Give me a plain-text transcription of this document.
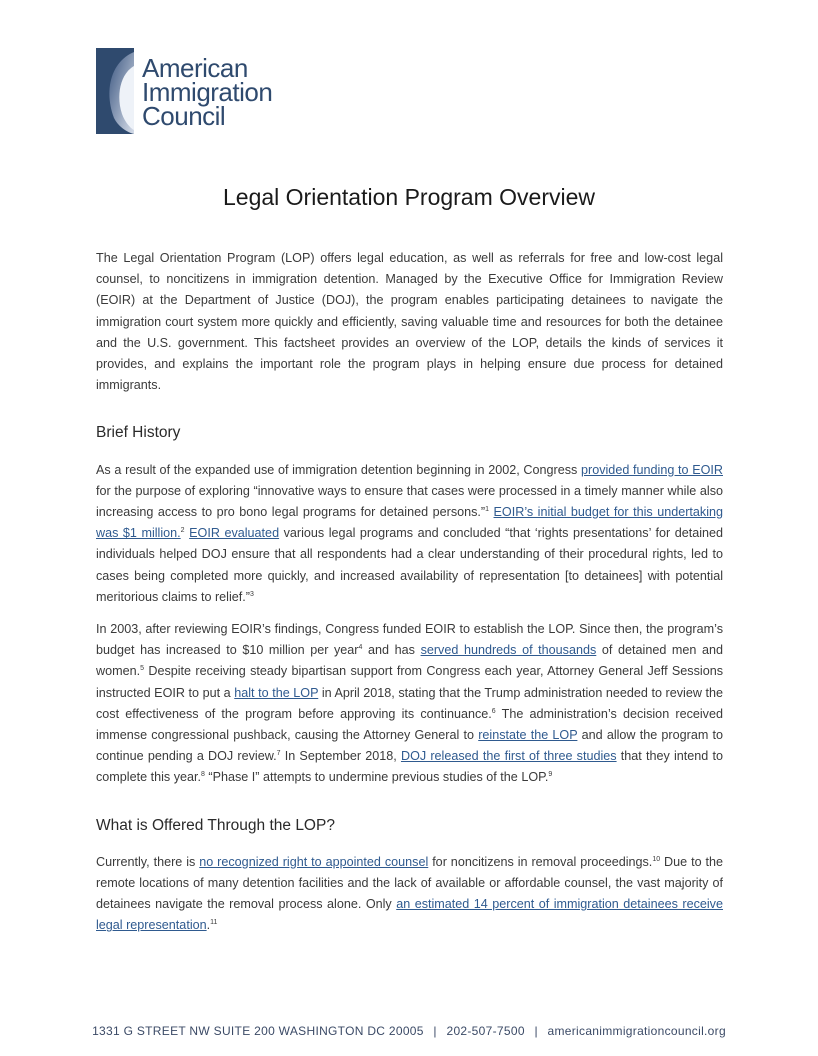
American
Immigration
Council
Legal Orientation Program Overview

The Legal Orientation Program (LOP) offers legal education, as well as referrals for free and low-cost legal counsel, to noncitizens in immigration detention. Managed by the Executive Office for Immigration Review (EOIR) at the Department of Justice (DOJ), the program enables participating detainees to navigate the immigration court system more quickly and efficiently, saving valuable time and resources for both the detainee and the U.S. government. This factsheet provides an overview of the LOP, details the kinds of services it provides, and explains the important role the program plays in helping ensure due process for detained immigrants.

Brief History

As a result of the expanded use of immigration detention beginning in 2002, Congress provided funding to EOIR for the purpose of exploring “innovative ways to ensure that cases were processed in a timely manner while also increasing access to pro bono legal programs for detained persons.”$^1$ EOIR’s initial budget for this undertaking was $1 million.$^2$ EOIR evaluated various legal programs and concluded “that ‘rights presentations’ for detained individuals helped DOJ ensure that all respondents had a clear understanding of their procedural rights, led to cases being completed more quickly, and increased availability of representation [to detainees] with potential meritorious claims to relief.”$^3$

In 2003, after reviewing EOIR’s findings, Congress funded EOIR to establish the LOP. Since then, the program’s budget has increased to $10 million per year$^4$ and has served hundreds of thousands of detained men and women.$^5$ Despite receiving steady bipartisan support from Congress each year, Attorney General Jeff Sessions instructed EOIR to put a halt to the LOP in April 2018, stating that the Trump administration needed to review the cost effectiveness of the program before approving its continuance.$^6$ The administration’s decision received immense congressional pushback, causing the Attorney General to reinstate the LOP and allow the program to continue pending a DOJ review.$^7$ In September 2018, DOJ released the first of three studies that they intend to complete this year.$^8$ “Phase I” attempts to undermine previous studies of the LOP.$^9$

What is Offered Through the LOP?

Currently, there is no recognized right to appointed counsel for noncitizens in removal proceedings.$^{10}$ Due to the remote locations of many detention facilities and the lack of available or affordable counsel, the vast majority of detainees navigate the removal process alone. Only an estimated 14 percent of immigration detainees receive legal representation.$^{11}$

1331 G STREET NW SUITE 200 WASHINGTON DC 20005 | 202-507-7500 | americanimmigrationcouncil.org
